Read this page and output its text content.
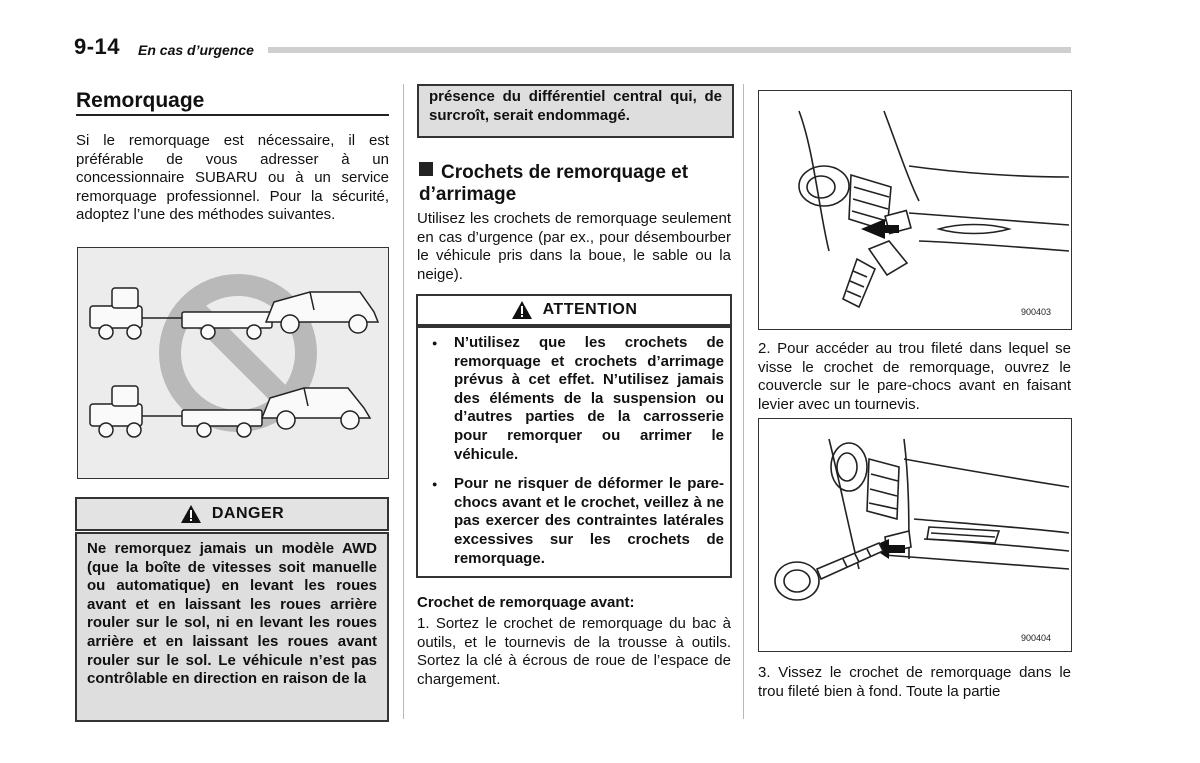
9-14 En cas d’urgence
Remorquage
Si le remorquage est nécessaire, il est préférable de vous adresser à un concessionnaire SUBARU ou à un service remorquage professionnel. Pour la sécurité, adoptez l’une des méthodes suivantes.
DANGER
Ne remorquez jamais un modèle AWD (que la boîte de vitesses soit manuelle ou automatique) en levant les roues avant et en laissant les roues arrière rouler sur le sol, ni en levant les roues arrière et en laissant les roues avant rouler sur le sol. Le véhicule n’est pas contrôlable en direction en raison de la
présence du différentiel central qui, de surcroît, serait endommagé.
Crochets de remorquage et d’arrimage
Utilisez les crochets de remorquage seulement en cas d’urgence (par ex., pour désembourber le véhicule pris dans la boue, le sable ou la neige).
ATTENTION
● N’utilisez que les crochets de remorquage et crochets d’arrimage prévus à cet effet. N’utilisez jamais des éléments de la suspension ou d’autres parties de la carrosserie pour remorquer ou arrimer le véhicule.
● Pour ne risquer de déformer le pare-chocs avant et le crochet, veillez à ne pas exercer des contraintes latérales excessives sur les crochets de remorquage.
Crochet de remorquage avant:
1. Sortez le crochet de remorquage du bac à outils, et le tournevis de la trousse à outils. Sortez la clé à écrous de roue de l’espace de chargement.
900403
2. Pour accéder au trou fileté dans lequel se visse le crochet de remorquage, ouvrez le couvercle sur le pare-chocs avant en faisant levier avec un tournevis.
900404
3. Vissez le crochet de remorquage dans le trou fileté bien à fond. Toute la partie
